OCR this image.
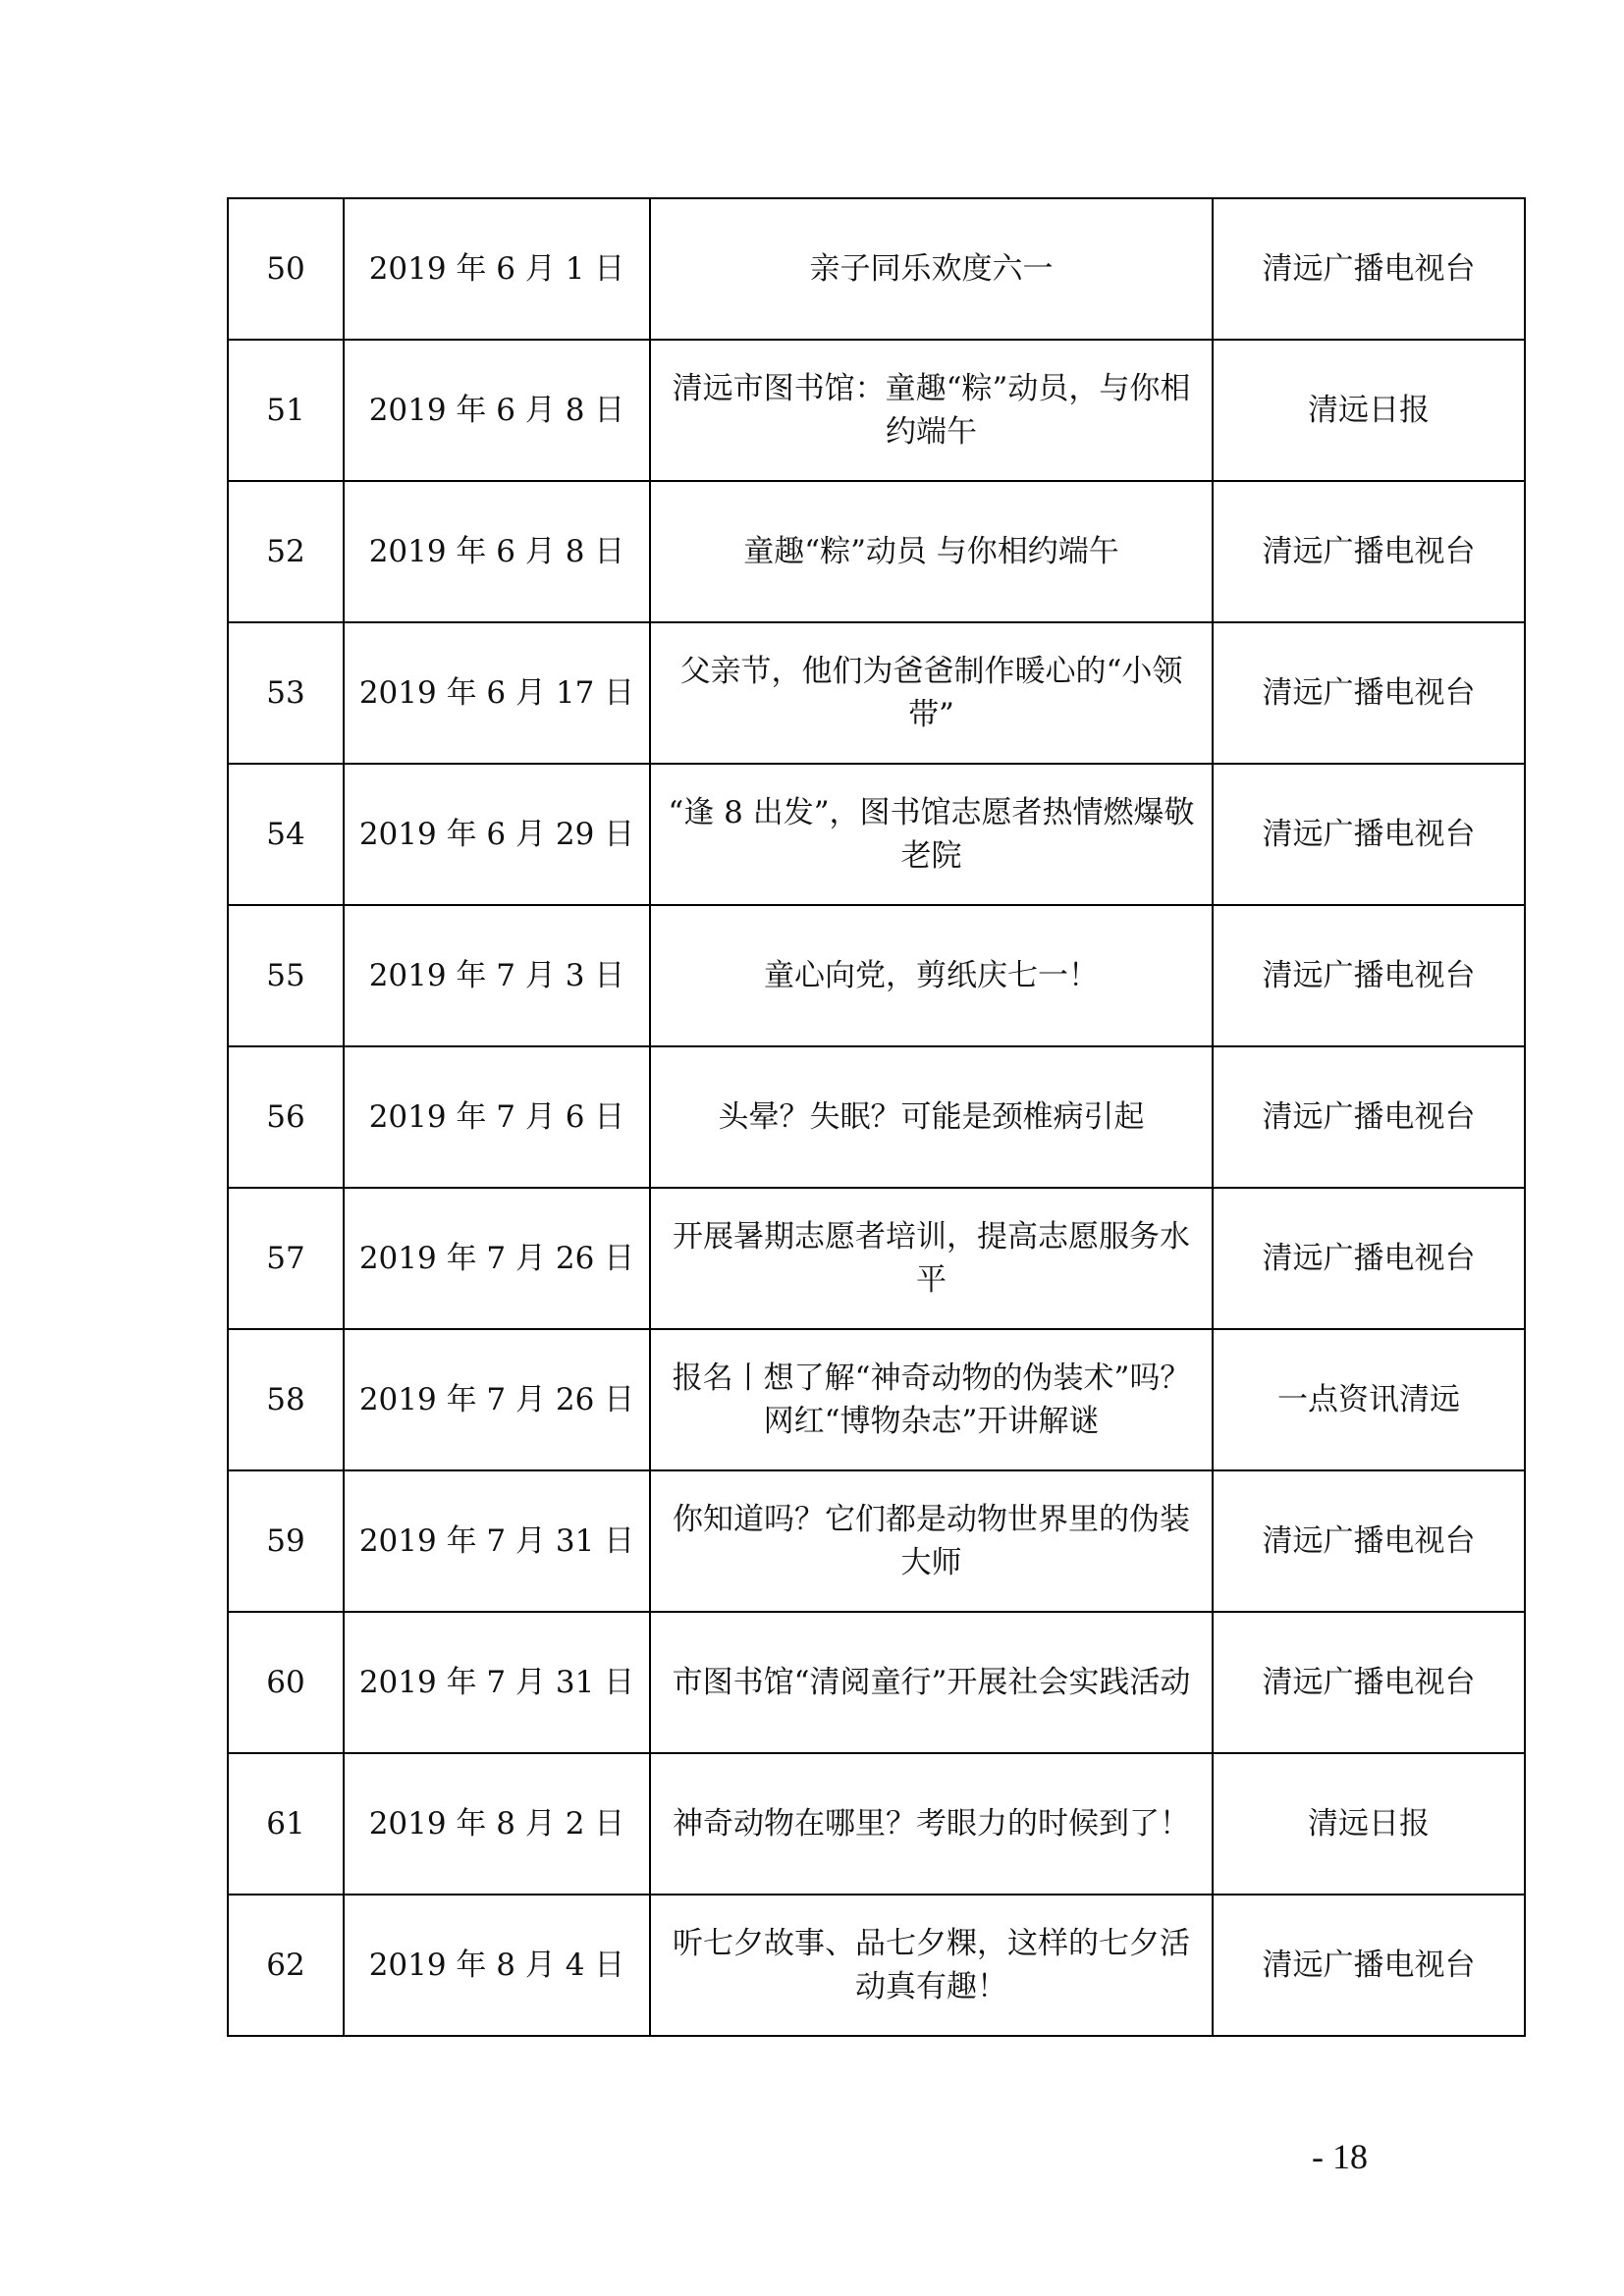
50	2019 年 6 月 1 日	亲子同乐欢度六一	清远广播电视台
51	2019 年 6 月 8 日	清远市图书馆：童趣“粽”动员，与你相约端午	清远日报
52	2019 年 6 月 8 日	童趣“粽”动员 与你相约端午	清远广播电视台
53	2019 年 6 月 17 日	父亲节，他们为爸爸制作暖心的“小领带”	清远广播电视台
54	2019 年 6 月 29 日	“逢 8 出发”，图书馆志愿者热情燃爆敬老院	清远广播电视台
55	2019 年 7 月 3 日	童心向党，剪纸庆七一！	清远广播电视台
56	2019 年 7 月 6 日	头晕？失眠？可能是颈椎病引起	清远广播电视台
57	2019 年 7 月 26 日	开展暑期志愿者培训，提高志愿服务水平	清远广播电视台
58	2019 年 7 月 26 日	报名丨想了解“神奇动物的伪装术”吗？网红“博物杂志”开讲解谜	一点资讯清远
59	2019 年 7 月 31 日	你知道吗？它们都是动物世界里的伪装大师	清远广播电视台
60	2019 年 7 月 31 日	市图书馆“清阅童行”开展社会实践活动	清远广播电视台
61	2019 年 8 月 2 日	神奇动物在哪里？考眼力的时候到了！	清远日报
62	2019 年 8 月 4 日	听七夕故事、品七夕粿，这样的七夕活动真有趣！	清远广播电视台
- 18
